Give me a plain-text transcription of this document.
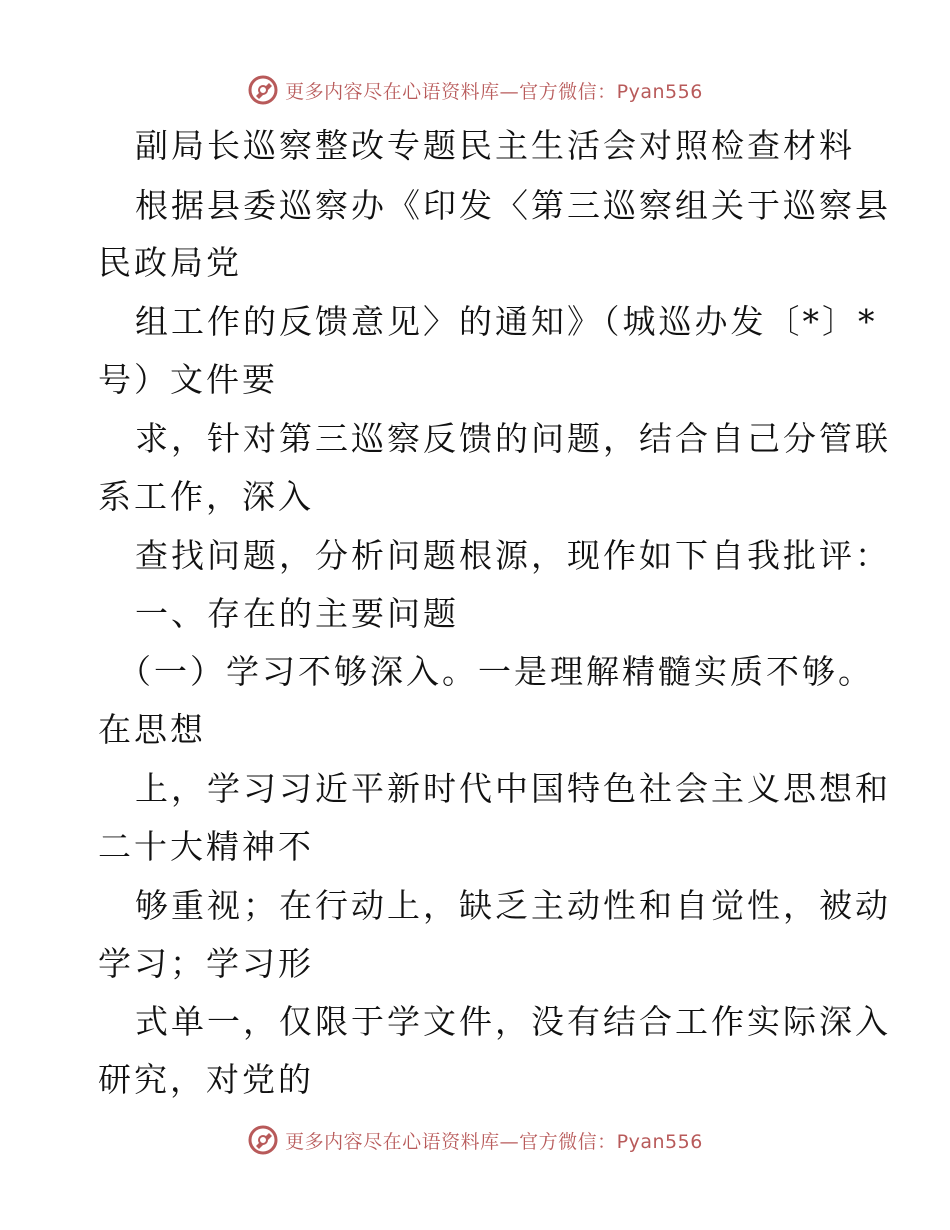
更多内容尽在心语资料库—官方微信：Pyan556
副局长巡察整改专题民主生活会对照检查材料
根据县委巡察办《印发〈第三巡察组关于巡察县
民政局党
组工作的反馈意见〉的通知》（城巡办发〔*〕*
号）文件要
求，针对第三巡察反馈的问题，结合自己分管联
系工作，深入
查找问题，分析问题根源，现作如下自我批评：
一、存在的主要问题
（一）学习不够深入。一是理解精髓实质不够。
在思想
上，学习习近平新时代中国特色社会主义思想和
二十大精神不
够重视；在行动上，缺乏主动性和自觉性，被动
学习；学习形
式单一，仅限于学文件，没有结合工作实际深入
研究，对党的
更多内容尽在心语资料库—官方微信：Pyan556
